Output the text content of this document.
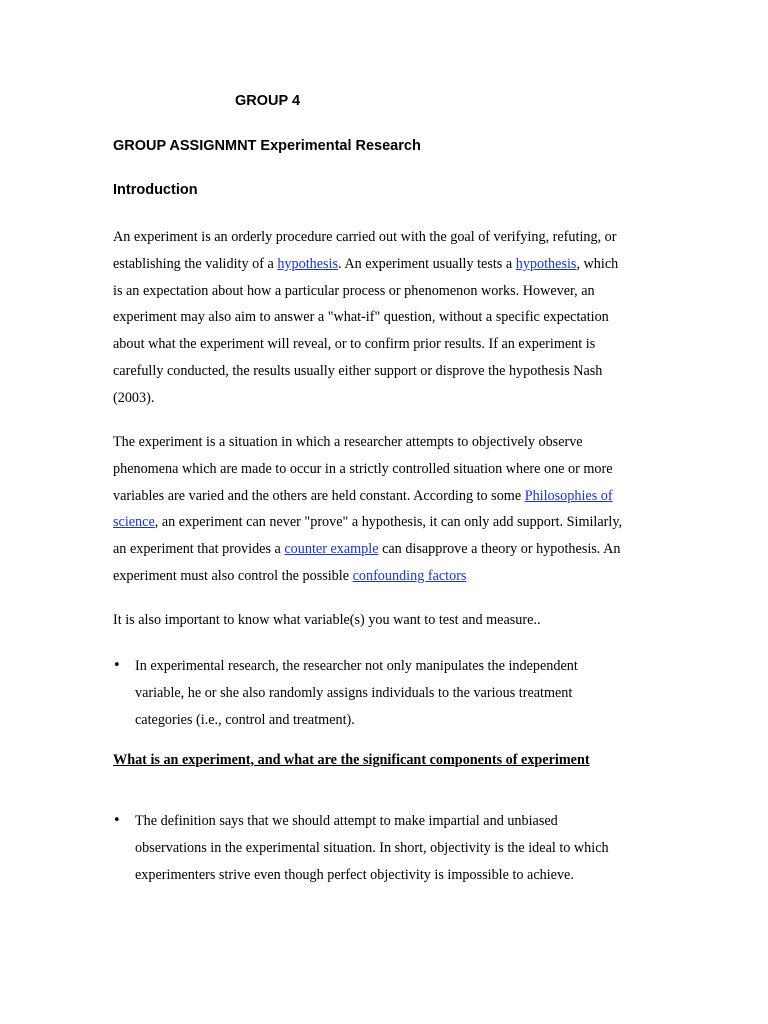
GROUP 4

GROUP ASSIGNMNT Experimental Research

Introduction

An experiment is an orderly procedure carried out with the goal of verifying, refuting, or
establishing the validity of a hypothesis. An experiment usually tests a hypothesis, which
is an expectation about how a particular process or phenomenon works. However, an
experiment may also aim to answer a "what-if" question, without a specific expectation
about what the experiment will reveal, or to confirm prior results. If an experiment is
carefully conducted, the results usually either support or disprove the hypothesis Nash
(2003).
The experiment is a situation in which a researcher attempts to objectively observe
phenomena which are made to occur in a strictly controlled situation where one or more
variables are varied and the others are held constant. According to some Philosophies of
science, an experiment can never "prove" a hypothesis, it can only add support. Similarly,
an experiment that provides a counter example can disapprove a theory or hypothesis. An
experiment must also control the possible confounding factors
It is also important to know what variable(s) you want to test and measure..
• In experimental research, the researcher not only manipulates the independent
variable, he or she also randomly assigns individuals to the various treatment
categories (i.e., control and treatment).

What is an experiment, and what are the significant components of experiment

• The definition says that we should attempt to make impartial and unbiased
observations in the experimental situation. In short, objectivity is the ideal to which
experimenters strive even though perfect objectivity is impossible to achieve.
